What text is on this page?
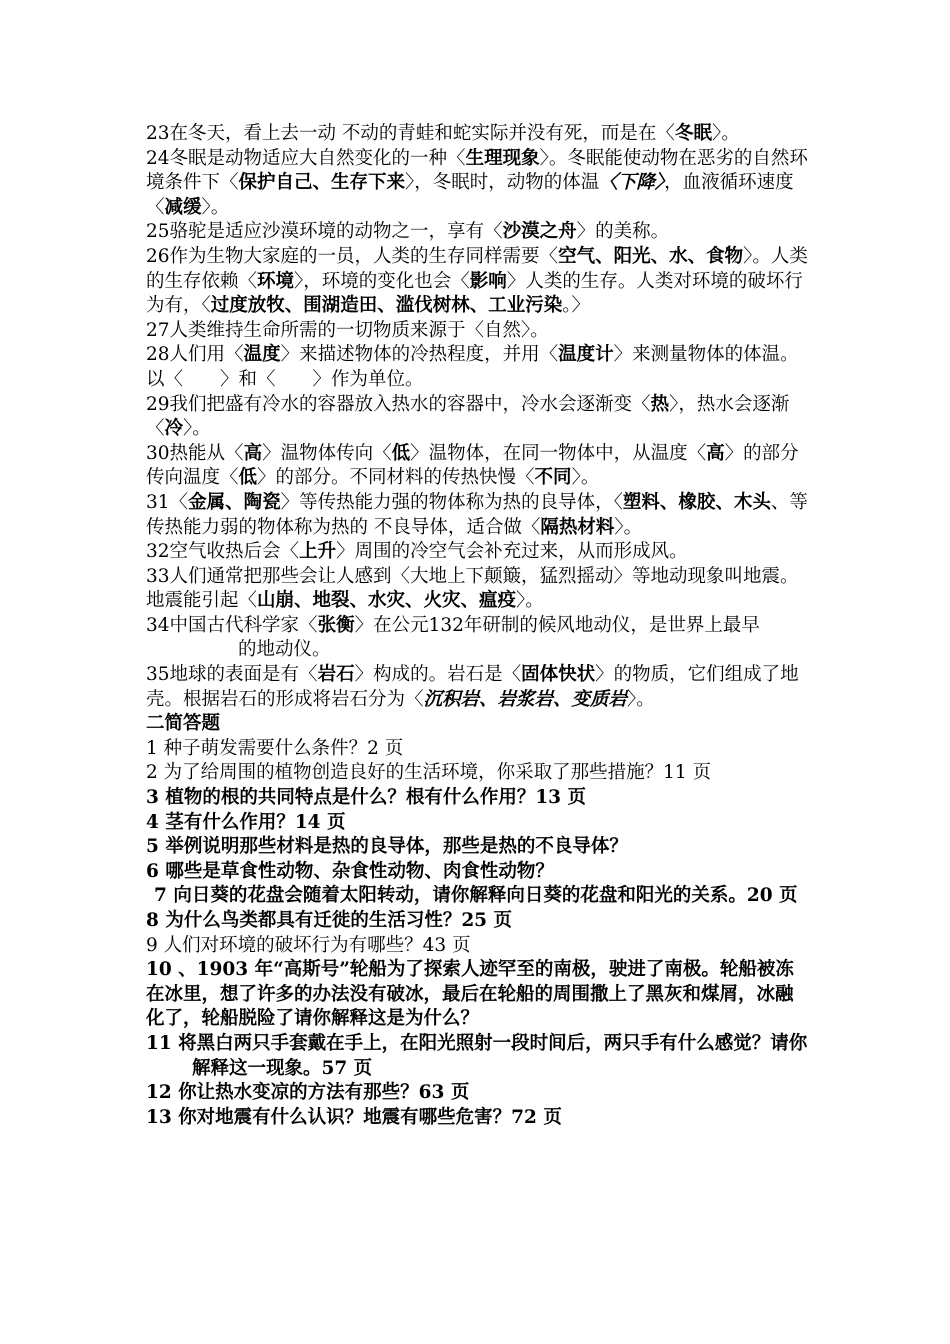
23在冬天，看上去一动 不动的青蛙和蛇实际并没有死，而是在〈冬眠〉。

24冬眠是动物适应大自然变化的一种〈生理现象〉。冬眠能使动物在恶劣的自然环境条件下〈保护自己、生存下来〉，冬眠时，动物的体温〈下降〉，血液循环速度〈减缓〉。

25骆驼是适应沙漠环境的动物之一，享有〈沙漠之舟〉的美称。

26作为生物大家庭的一员，人类的生存同样需要〈空气、阳光、水、食物〉。人类的生存依赖〈环境〉，环境的变化也会〈影响〉人类的生存。人类对环境的破坏行为有，〈过度放牧、围湖造田、滥伐树林、工业污染。〉

27人类维持生命所需的一切物质来源于〈自然〉。

28人们用〈温度〉来描述物体的冷热程度，并用〈温度计〉来测量物体的体温。以〈　　〉和〈　　〉作为单位。

29我们把盛有冷水的容器放入热水的容器中，冷水会逐渐变〈热〉，热水会逐渐〈冷〉。

30热能从〈高〉温物体传向〈低〉温物体，在同一物体中，从温度〈高〉的部分传向温度〈低〉的部分。不同材料的传热快慢〈不同〉。

31〈金属、陶瓷〉等传热能力强的物体称为热的良导体，〈塑料、橡胶、木头、等传热能力弱的物体称为热的 不良导体，适合做〈隔热材料〉。

32空气收热后会〈上升〉周围的冷空气会补充过来，从而形成风。

33人们通常把那些会让人感到〈大地上下颠簸，猛烈摇动〉等地动现象叫地震。地震能引起〈山崩、地裂、水灾、火灾、瘟疫〉。

34中国古代科学家〈张衡〉在公元132年研制的候风地动仪，是世界上最早的地动仪。

35地球的表面是有〈岩石〉构成的。岩石是〈固体快状〉的物质，它们组成了地壳。根据岩石的形成将岩石分为〈沉积岩、岩浆岩、变质岩〉。

二简答题

1 种子萌发需要什么条件？2 页

2 为了给周围的植物创造良好的生活环境，你采取了那些措施？11 页

3 植物的根的共同特点是什么？根有什么作用？13 页

4 茎有什么作用？14 页

5 举例说明那些材料是热的良导体，那些是热的不良导体？

6 哪些是草食性动物、杂食性动物、肉食性动物？

7 向日葵的花盘会随着太阳转动，请你解释向日葵的花盘和阳光的关系。20 页

8 为什么鸟类都具有迁徙的生活习性？25 页

9 人们对环境的破坏行为有哪些？43 页

10 、1903 年“高斯号”轮船为了探索人迹罕至的南极，驶进了南极。轮船被冻在冰里，想了许多的办法没有破冰，最后在轮船的周围撒上了黑灰和煤屑，冰融化了，轮船脱险了请你解释这是为什么？

11 将黑白两只手套戴在手上，在阳光照射一段时间后，两只手有什么感觉？请你解释这一现象。57 页

12 你让热水变凉的方法有那些？63 页

13 你对地震有什么认识？地震有哪些危害？72 页
